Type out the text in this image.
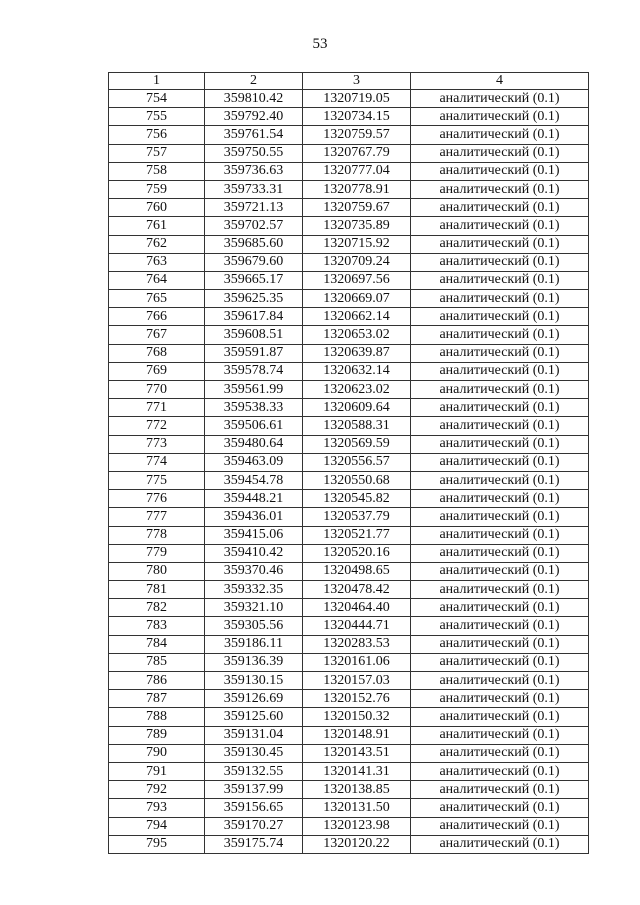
53
1	2	3	4
754	359810.42	1320719.05	аналитический (0.1)
755	359792.40	1320734.15	аналитический (0.1)
756	359761.54	1320759.57	аналитический (0.1)
757	359750.55	1320767.79	аналитический (0.1)
758	359736.63	1320777.04	аналитический (0.1)
759	359733.31	1320778.91	аналитический (0.1)
760	359721.13	1320759.67	аналитический (0.1)
761	359702.57	1320735.89	аналитический (0.1)
762	359685.60	1320715.92	аналитический (0.1)
763	359679.60	1320709.24	аналитический (0.1)
764	359665.17	1320697.56	аналитический (0.1)
765	359625.35	1320669.07	аналитический (0.1)
766	359617.84	1320662.14	аналитический (0.1)
767	359608.51	1320653.02	аналитический (0.1)
768	359591.87	1320639.87	аналитический (0.1)
769	359578.74	1320632.14	аналитический (0.1)
770	359561.99	1320623.02	аналитический (0.1)
771	359538.33	1320609.64	аналитический (0.1)
772	359506.61	1320588.31	аналитический (0.1)
773	359480.64	1320569.59	аналитический (0.1)
774	359463.09	1320556.57	аналитический (0.1)
775	359454.78	1320550.68	аналитический (0.1)
776	359448.21	1320545.82	аналитический (0.1)
777	359436.01	1320537.79	аналитический (0.1)
778	359415.06	1320521.77	аналитический (0.1)
779	359410.42	1320520.16	аналитический (0.1)
780	359370.46	1320498.65	аналитический (0.1)
781	359332.35	1320478.42	аналитический (0.1)
782	359321.10	1320464.40	аналитический (0.1)
783	359305.56	1320444.71	аналитический (0.1)
784	359186.11	1320283.53	аналитический (0.1)
785	359136.39	1320161.06	аналитический (0.1)
786	359130.15	1320157.03	аналитический (0.1)
787	359126.69	1320152.76	аналитический (0.1)
788	359125.60	1320150.32	аналитический (0.1)
789	359131.04	1320148.91	аналитический (0.1)
790	359130.45	1320143.51	аналитический (0.1)
791	359132.55	1320141.31	аналитический (0.1)
792	359137.99	1320138.85	аналитический (0.1)
793	359156.65	1320131.50	аналитический (0.1)
794	359170.27	1320123.98	аналитический (0.1)
795	359175.74	1320120.22	аналитический (0.1)
